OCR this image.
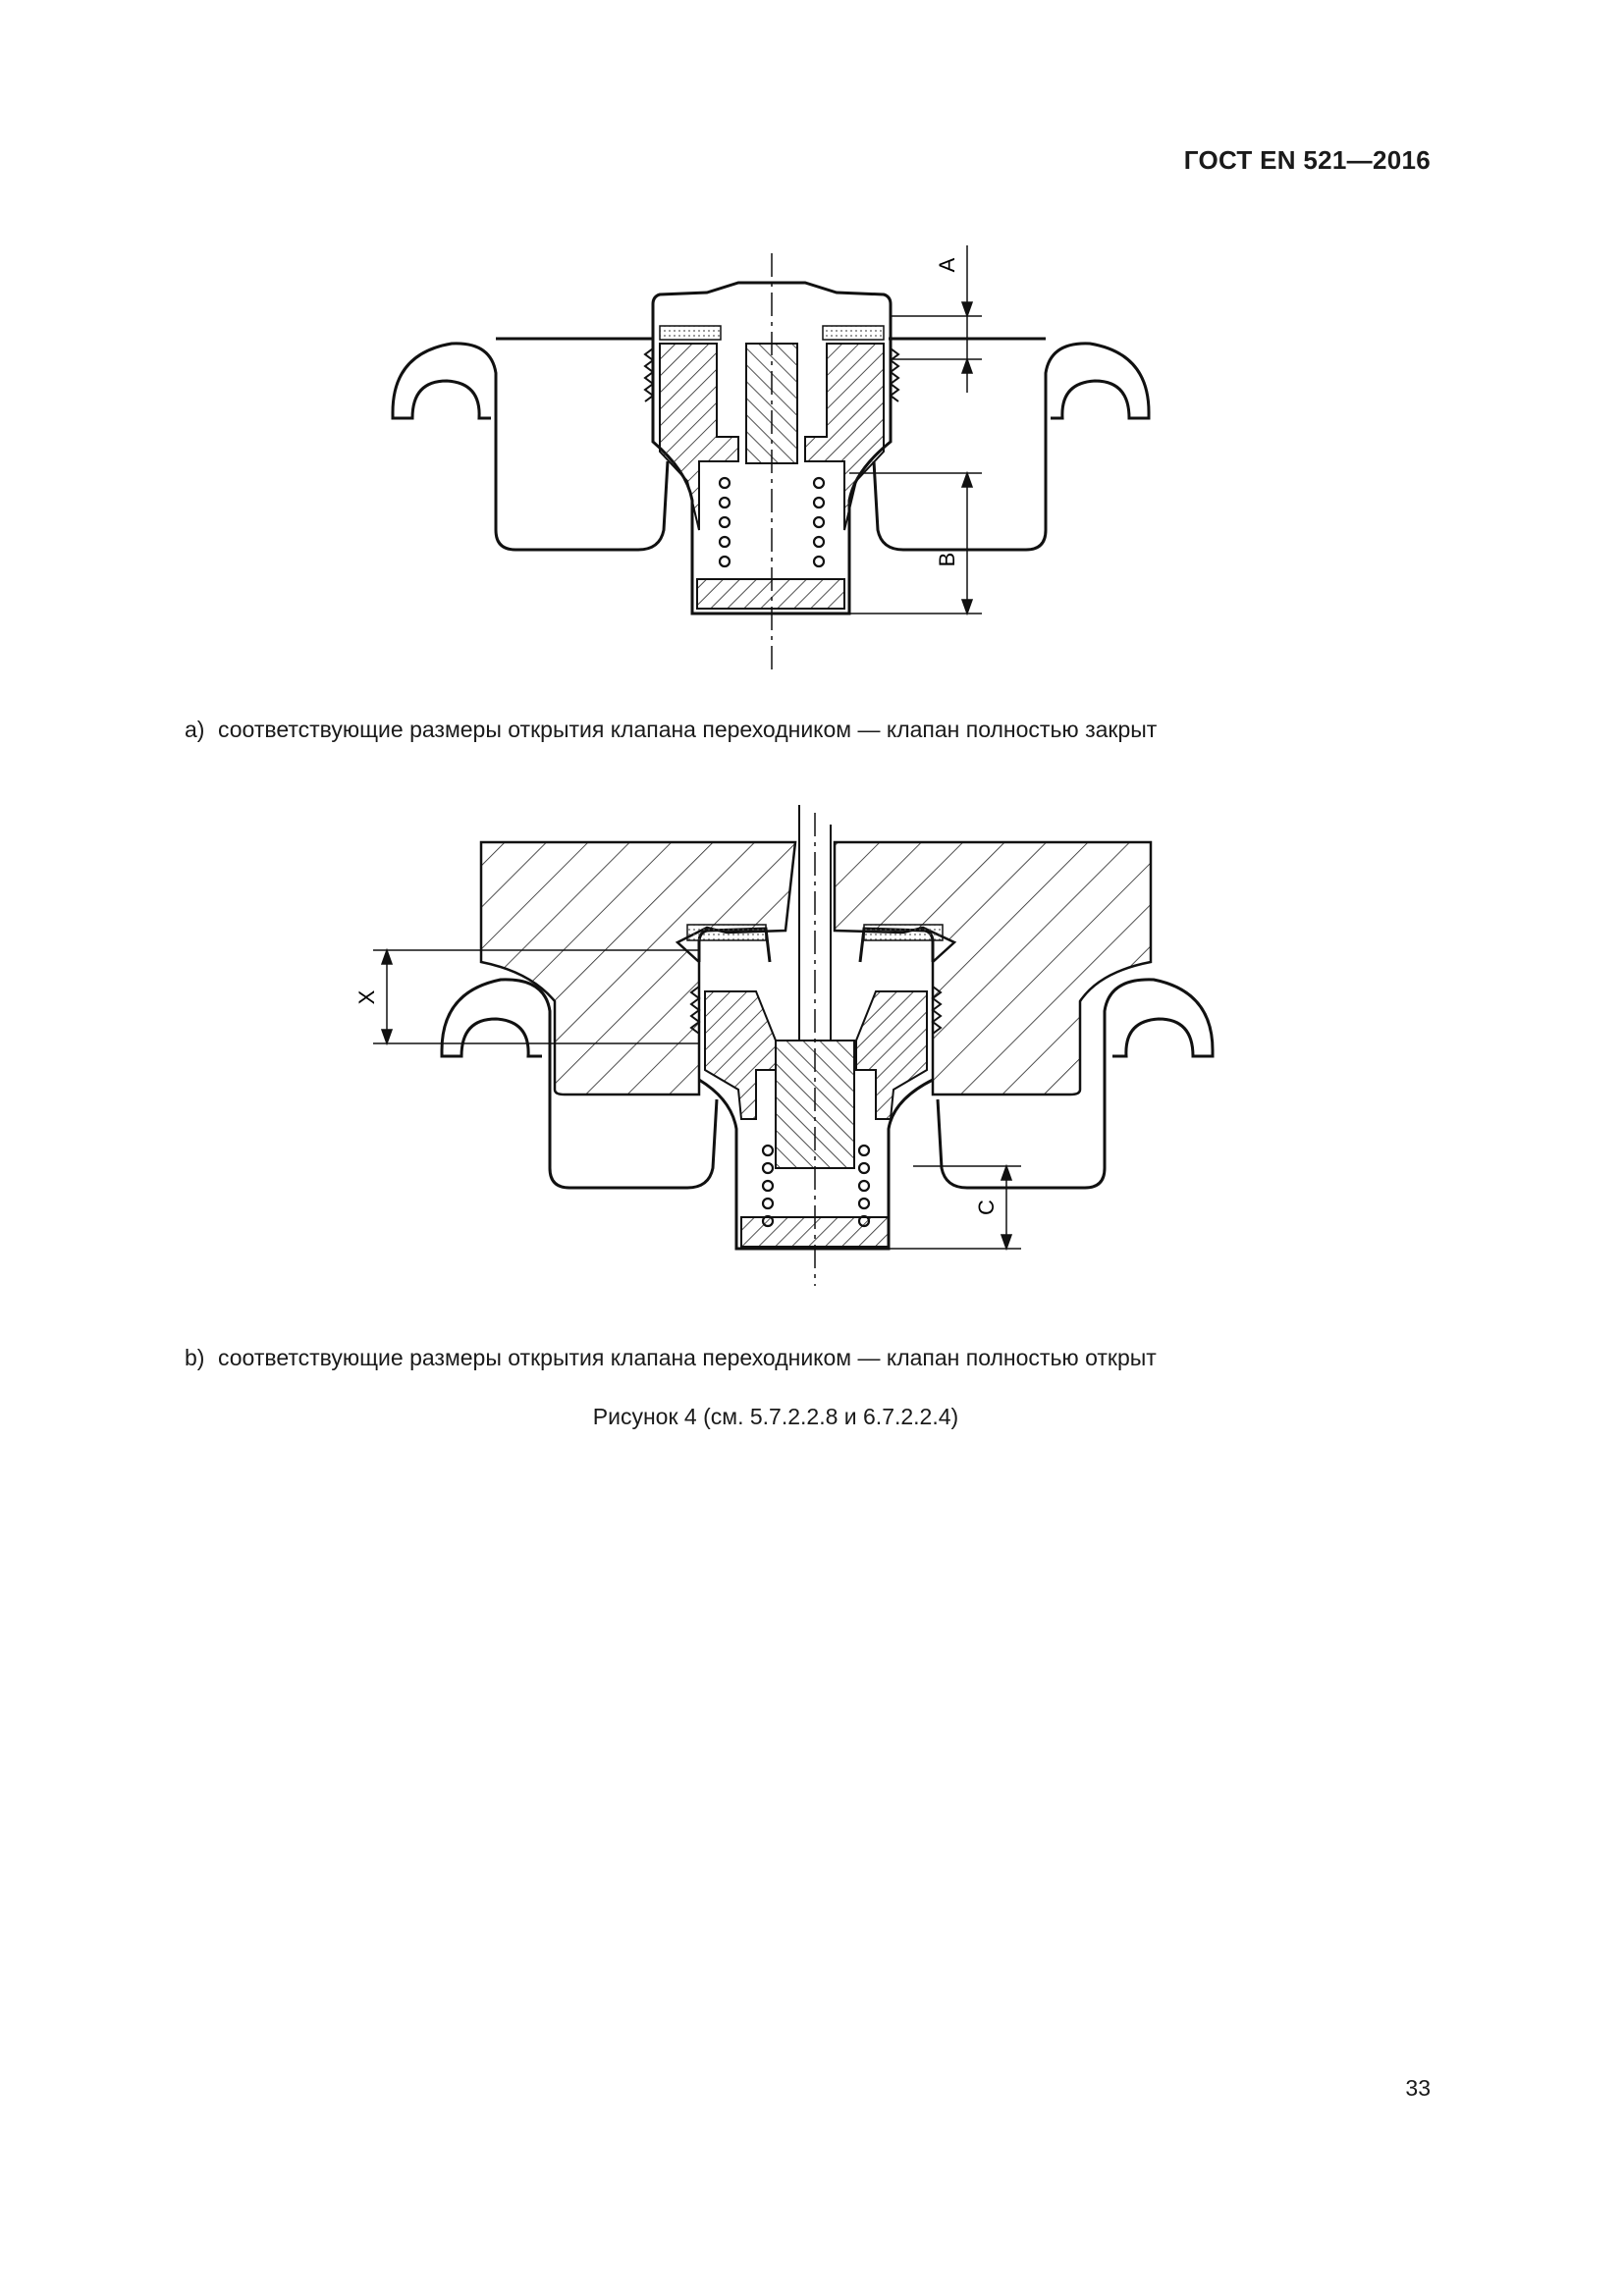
ГОСТ EN 521—2016
A
B
a) соответствующие размеры открытия клапана переходником — клапан полностью закрыт
X
C
b) соответствующие размеры открытия клапана переходником — клапан полностью открыт
Рисунок 4 (см. 5.7.2.2.8 и 6.7.2.2.4)
33
